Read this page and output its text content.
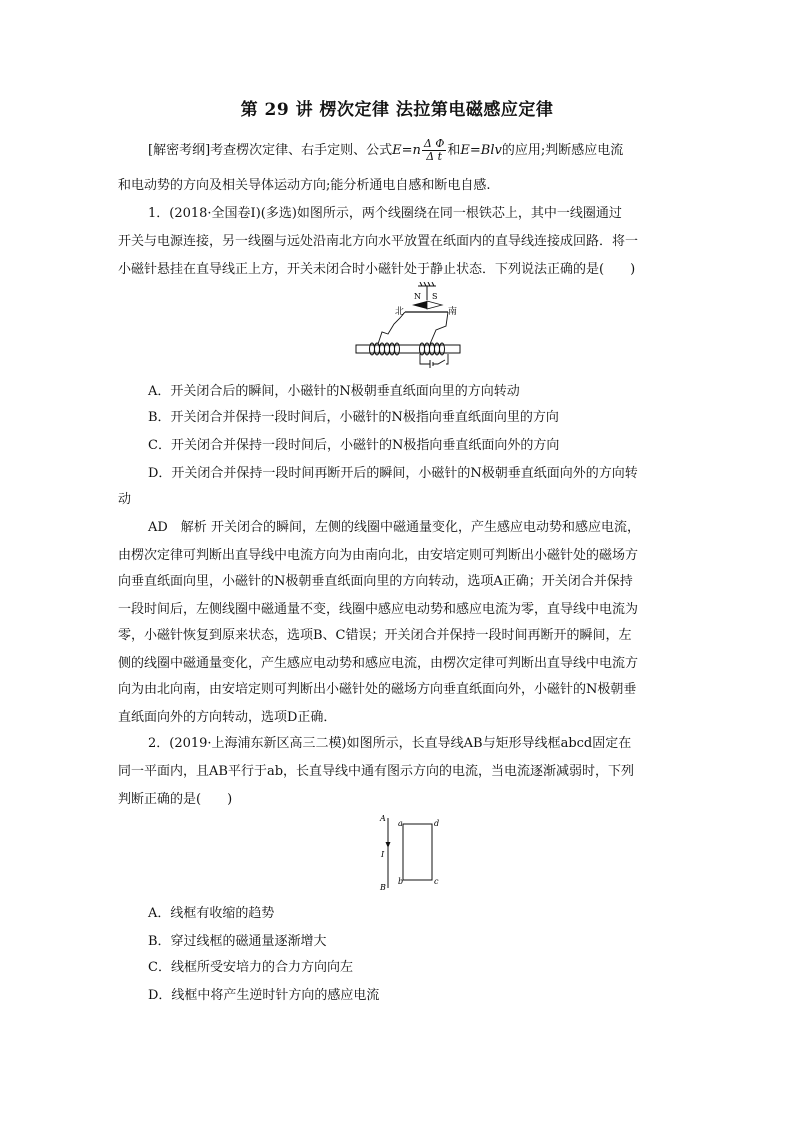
第 29 讲 楞次定律 法拉第电磁感应定律
[解密考纲]考查楞次定律、右手定则、公式$E=n \frac{\text{Δ Φ}}{\text{Δ t}}$ 和E=Blv的应用;判断感应电流
和电动势的方向及相关导体运动方向;能分析通电自感和断电自感.
1．(2018·全国卷Ⅰ)(多选)如图所示，两个线圈绕在同一根铁芯上，其中一线圈通过
开关与电源连接，另一线圈与远处沿南北方向水平放置在纸面内的直导线连接成回路．将一
小磁针悬挂在直导线正上方，开关未闭合时小磁针处于静止状态．下列说法正确的是(　　)
N S
北	南
A．开关闭合后的瞬间，小磁针的N极朝垂直纸面向里的方向转动
B．开关闭合并保持一段时间后，小磁针的N极指向垂直纸面向里的方向
C．开关闭合并保持一段时间后，小磁针的N极指向垂直纸面向外的方向
D．开关闭合并保持一段时间再断开后的瞬间，小磁针的N极朝垂直纸面向外的方向转
动
AD　解析 开关闭合的瞬间，左侧的线圈中磁通量变化，产生感应电动势和感应电流，
由楞次定律可判断出直导线中电流方向为由南向北，由安培定则可判断出小磁针处的磁场方
向垂直纸面向里，小磁针的N极朝垂直纸面向里的方向转动，选项A正确；开关闭合并保持
一段时间后，左侧线圈中磁通量不变，线圈中感应电动势和感应电流为零，直导线中电流为
零，小磁针恢复到原来状态，选项B、C错误；开关闭合并保持一段时间再断开的瞬间，左
侧的线圈中磁通量变化，产生感应电动势和感应电流，由楞次定律可判断出直导线中电流方
向为由北向南，由安培定则可判断出小磁针处的磁场方向垂直纸面向外，小磁针的N极朝垂
直纸面向外的方向转动，选项D正确．
2．(2019·上海浦东新区高三二模)如图所示，长直导线AB与矩形导线框abcd固定在
同一平面内，且AB平行于ab，长直导线中通有图示方向的电流，当电流逐渐减弱时，下列
判断正确的是(　　)
A
B
I
a
b	c
d
A．线框有收缩的趋势
B．穿过线框的磁通量逐渐增大
C．线框所受安培力的合力方向向左
D．线框中将产生逆时针方向的感应电流
